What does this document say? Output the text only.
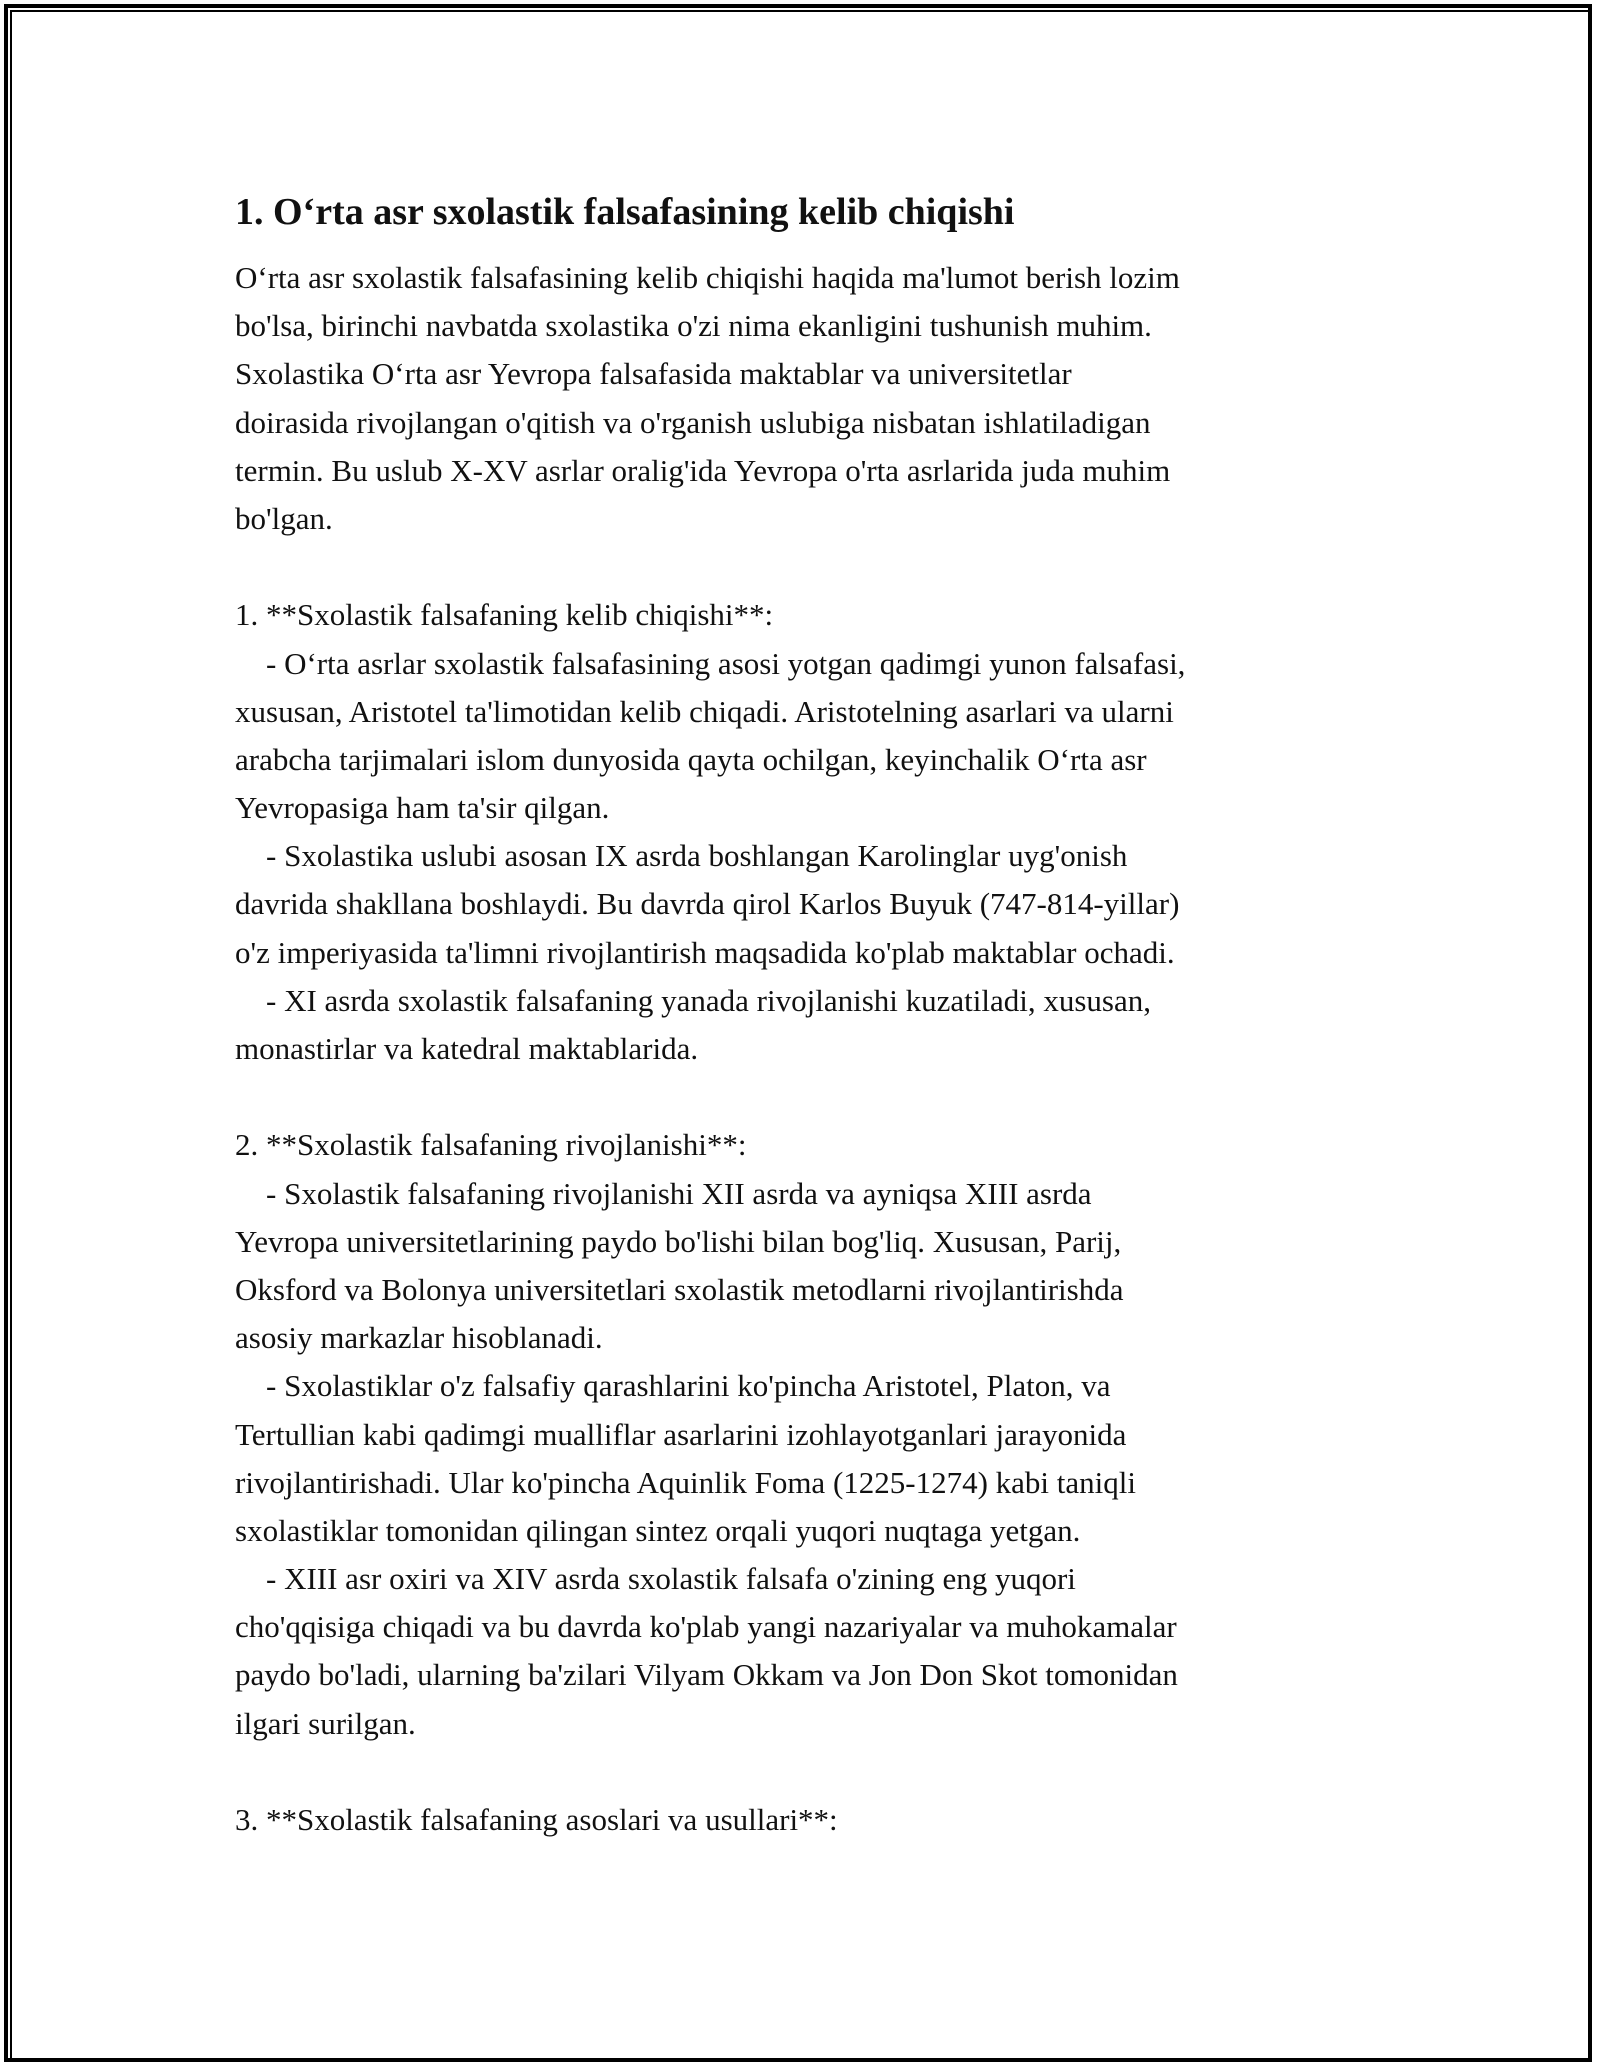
1. O‘rta asr sxolastik falsafasining kelib chiqishi
O‘rta asr sxolastik falsafasining kelib chiqishi haqida ma'lumot berish lozim
bo'lsa, birinchi navbatda sxolastika o'zi nima ekanligini tushunish muhim.
Sxolastika O‘rta asr Yevropa falsafasida maktablar va universitetlar
doirasida rivojlangan o'qitish va o'rganish uslubiga nisbatan ishlatiladigan
termin. Bu uslub X-XV asrlar oralig'ida Yevropa o'rta asrlarida juda muhim
bo'lgan.
1. **Sxolastik falsafaning kelib chiqishi**:
- O‘rta asrlar sxolastik falsafasining asosi yotgan qadimgi yunon falsafasi,
xususan, Aristotel ta'limotidan kelib chiqadi. Aristotelning asarlari va ularni
arabcha tarjimalari islom dunyosida qayta ochilgan, keyinchalik O‘rta asr
Yevropasiga ham ta'sir qilgan.
- Sxolastika uslubi asosan IX asrda boshlangan Karolinglar uyg'onish
davrida shakllana boshlaydi. Bu davrda qirol Karlos Buyuk (747-814-yillar)
o'z imperiyasida ta'limni rivojlantirish maqsadida ko'plab maktablar ochadi.
- XI asrda sxolastik falsafaning yanada rivojlanishi kuzatiladi, xususan,
monastirlar va katedral maktablarida.
2. **Sxolastik falsafaning rivojlanishi**:
- Sxolastik falsafaning rivojlanishi XII asrda va ayniqsa XIII asrda
Yevropa universitetlarining paydo bo'lishi bilan bog'liq. Xususan, Parij,
Oksford va Bolonya universitetlari sxolastik metodlarni rivojlantirishda
asosiy markazlar hisoblanadi.
- Sxolastiklar o'z falsafiy qarashlarini ko'pincha Aristotel, Platon, va
Tertullian kabi qadimgi mualliflar asarlarini izohlayotganlari jarayonida
rivojlantirishadi. Ular ko'pincha Aquinlik Foma (1225-1274) kabi taniqli
sxolastiklar tomonidan qilingan sintez orqali yuqori nuqtaga yetgan.
- XIII asr oxiri va XIV asrda sxolastik falsafa o'zining eng yuqori
cho'qqisiga chiqadi va bu davrda ko'plab yangi nazariyalar va muhokamalar
paydo bo'ladi, ularning ba'zilari Vilyam Okkam va Jon Don Skot tomonidan
ilgari surilgan.
3. **Sxolastik falsafaning asoslari va usullari**:
